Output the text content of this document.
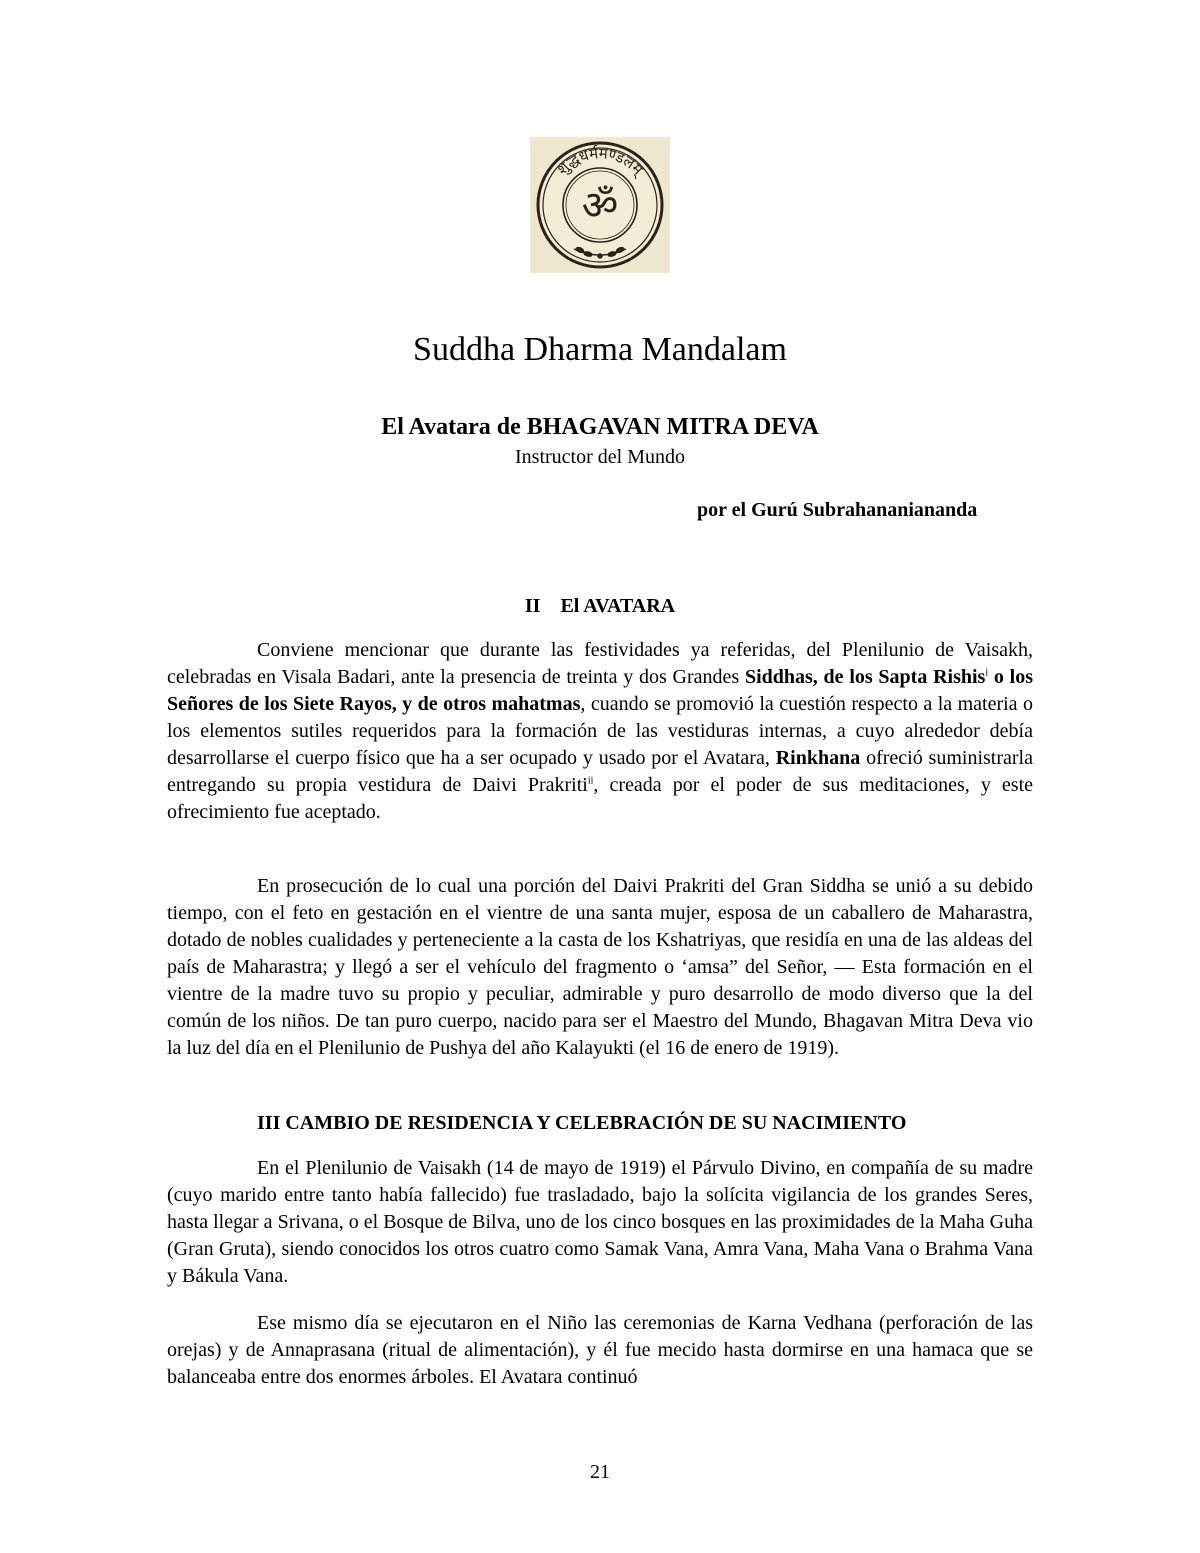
शुद्धधर्ममण्डलम्
ॐ
Suddha Dharma Mandalam
El Avatara de BHAGAVAN MITRA DEVA
Instructor del Mundo
por el Gurú Subrahananiananda
II    El AVATARA

Conviene mencionar que durante las festividades ya referidas, del Plenilunio de Vaisakh, celebradas en Visala Badari, ante la presencia de treinta y dos Grandes Siddhas, de los Sapta Rishis$^i$ o los Señores de los Siete Rayos, y de otros mahatmas, cuando se promovió la cuestión respecto a la materia o los elementos sutiles requeridos para la formación de las vestiduras internas, a cuyo alrededor debía desarrollarse el cuerpo físico que ha a ser ocupado y usado por el Avatara, Rinkhana ofreció suministrarla entregando su propia vestidura de Daivi Prakriti$^{ii}$, creada por el poder de sus meditaciones, y este ofrecimiento fue aceptado.

En prosecución de lo cual una porción del Daivi Prakriti del Gran Siddha se unió a su debido tiempo, con el feto en gestación en el vientre de una santa mujer, esposa de un caballero de Maharastra, dotado de nobles cualidades y perteneciente a la casta de los Kshatriyas, que residía en una de las aldeas del país de Maharastra; y llegó a ser el vehículo del fragmento o ‘amsa” del Señor, — Esta formación en el vientre de la madre tuvo su propio y peculiar, admirable y puro desarrollo de modo diverso que la del común de los niños. De tan puro cuerpo, nacido para ser el Maestro del Mundo, Bhagavan Mitra Deva vio la luz del día en el Plenilunio de Pushya del año Kalayukti (el 16 de enero de 1919).

III CAMBIO DE RESIDENCIA Y CELEBRACIÓN DE SU NACIMIENTO

En el Plenilunio de Vaisakh (14 de mayo de 1919) el Párvulo Divino, en compañía de su madre (cuyo marido entre tanto había fallecido) fue trasladado, bajo la solícita vigilancia de los grandes Seres, hasta llegar a Srivana, o el Bosque de Bilva, uno de los cinco bosques en las proximidades de la Maha Guha (Gran Gruta), siendo conocidos los otros cuatro como Samak Vana, Amra Vana, Maha Vana o Brahma Vana y Bákula Vana.

Ese mismo día se ejecutaron en el Niño las ceremonias de Karna Vedhana (perforación de las orejas) y de Annaprasana (ritual de alimentación), y él fue mecido hasta dormirse en una hamaca que se balanceaba entre dos enormes árboles. El Avatara continuó

21
